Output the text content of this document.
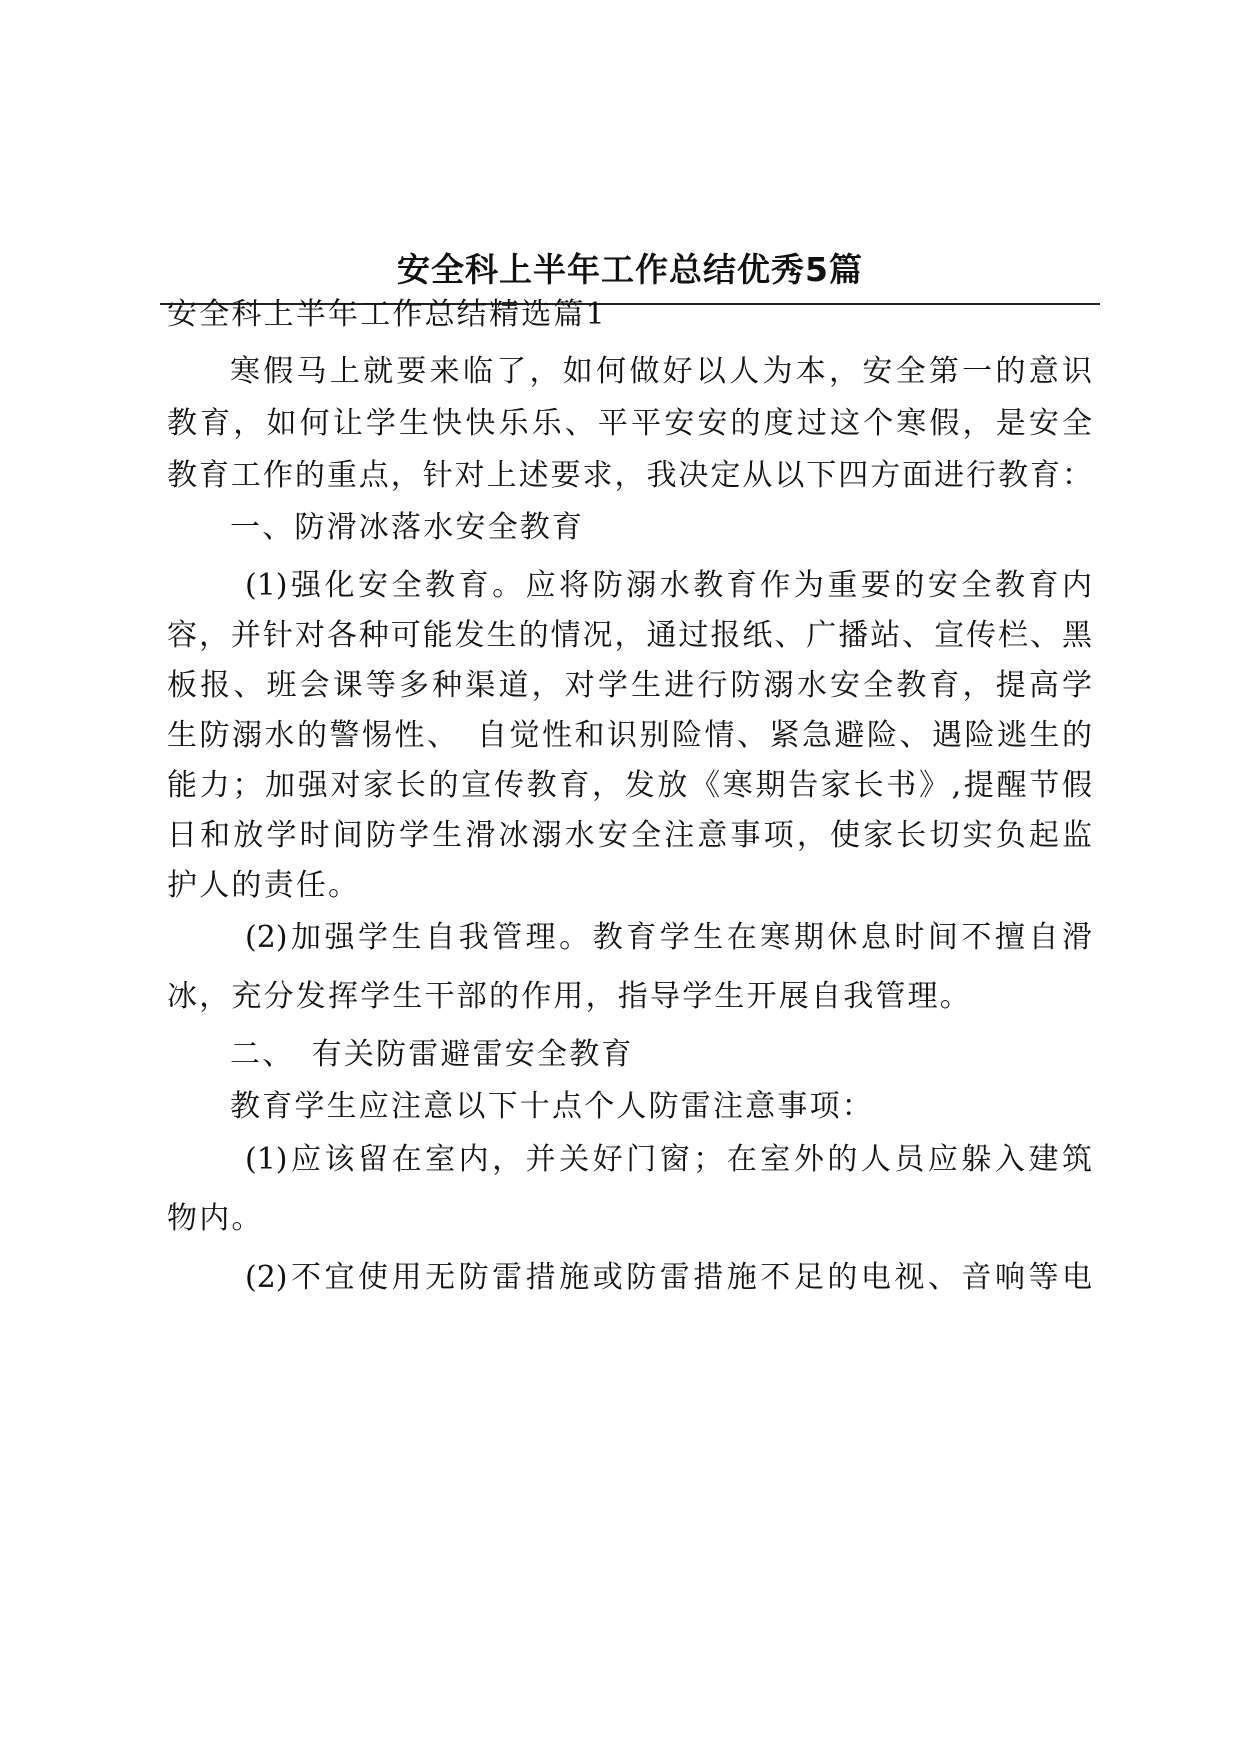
安全科上半年工作总结优秀5篇
安全科上半年工作总结精选篇1
寒假马上就要来临了，如何做好以人为本，安全第一的意识
教育，如何让学生快快乐乐、平平安安的度过这个寒假，是安全
教育工作的重点，针对上述要求，我决定从以下四方面进行教育：
一、防滑冰落水安全教育
(1)强化安全教育。应将防溺水教育作为重要的安全教育内
容，并针对各种可能发生的情况，通过报纸、广播站、宣传栏、黑
板报、班会课等多种渠道，对学生进行防溺水安全教育，提高学
生防溺水的警惕性、　自觉性和识别险情、紧急避险、遇险逃生的
能力；加强对家长的宣传教育，发放《寒期告家长书》,提醒节假
日和放学时间防学生滑冰溺水安全注意事项，使家长切实负起监
护人的责任。
(2)加强学生自我管理。教育学生在寒期休息时间不擅自滑
冰，充分发挥学生干部的作用，指导学生开展自我管理。
二、　有关防雷避雷安全教育
教育学生应注意以下十点个人防雷注意事项：
(1)应该留在室内，并关好门窗；在室外的人员应躲入建筑
物内。
(2)不宜使用无防雷措施或防雷措施不足的电视、音响等电
